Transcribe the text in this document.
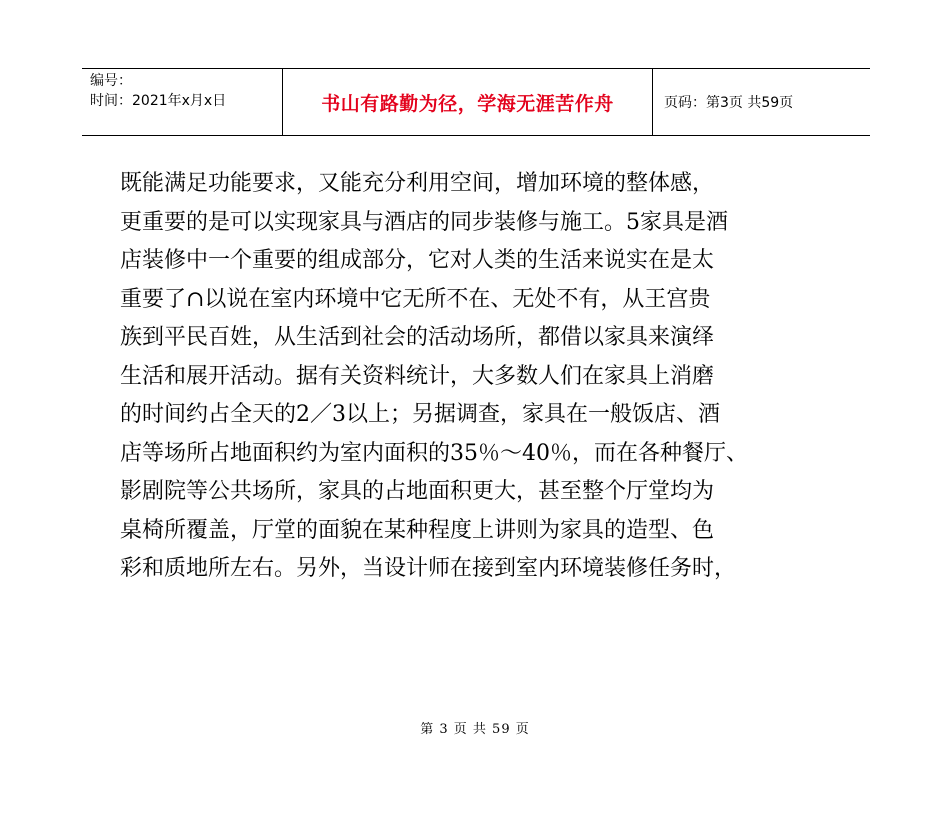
编号：
时间：2021年x月x日	书山有路勤为径，学海无涯苦作舟	页码：第3页 共59页
既能满足功能要求，又能充分利用空间，增加环境的整体感，
更重要的是可以实现家具与酒店的同步装修与施工。5家具是酒
店装修中一个重要的组成部分，它对人类的生活来说实在是太
重要了∩以说在室内环境中它无所不在、无处不有，从王宫贵
族到平民百姓，从生活到社会的活动场所，都借以家具来演绎
生活和展开活动。据有关资料统计，大多数人们在家具上消磨
的时间约占全天的2／3以上；另据调查，家具在一般饭店、酒
店等场所占地面积约为室内面积的35％～40％，而在各种餐厅、
影剧院等公共场所，家具的占地面积更大，甚至整个厅堂均为
桌椅所覆盖，厅堂的面貌在某种程度上讲则为家具的造型、色
彩和质地所左右。另外，当设计师在接到室内环境装修任务时，
第 3 页 共 59 页
